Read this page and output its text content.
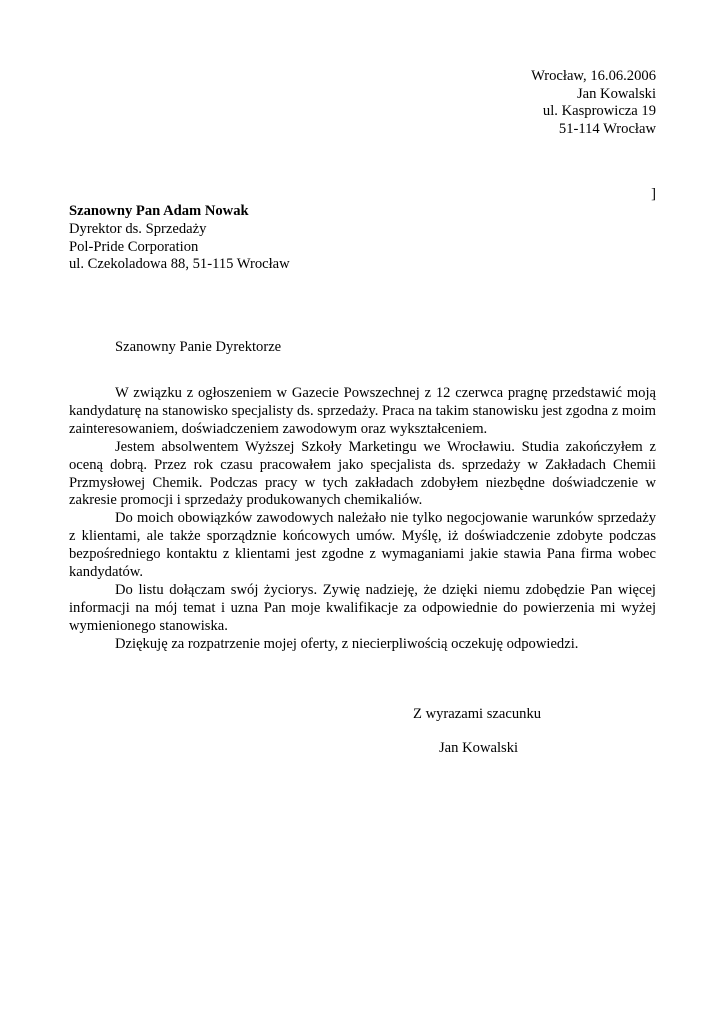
Wrocław, 16.06.2006
Jan Kowalski
ul. Kasprowicza 19
51-114 Wrocław
]
Szanowny Pan Adam Nowak
Dyrektor ds. Sprzedaży
Pol-Pride Corporation
ul. Czekoladowa 88, 51-115 Wrocław
Szanowny Panie Dyrektorze

W związku z ogłoszeniem w Gazecie Powszechnej z 12 czerwca pragnę przedstawić moją kandydaturę na stanowisko specjalisty ds. sprzedaży. Praca na takim stanowisku jest zgodna z moim zainteresowaniem, doświadczeniem zawodowym oraz wykształceniem.

Jestem absolwentem Wyższej Szkoły Marketingu we Wrocławiu. Studia zakończyłem z oceną dobrą. Przez rok czasu pracowałem jako specjalista ds. sprzedaży w Zakładach Chemii Przmysłowej Chemik. Podczas pracy w tych zakładach zdobyłem niezbędne doświadczenie w zakresie promocji i sprzedaży produkowanych chemikaliów.

Do moich obowiązków zawodowych należało nie tylko negocjowanie warunków sprzedaży z klientami, ale także sporządznie końcowych umów. Myślę, iż doświadczenie zdobyte podczas bezpośredniego kontaktu z klientami jest zgodne z wymaganiami jakie stawia Pana firma wobec kandydatów.

Do listu dołączam swój życiorys. Zywię nadzieję, że dzięki niemu zdobędzie Pan więcej informacji na mój temat i uzna Pan moje kwalifikacje za odpowiednie do powierzenia mi wyżej wymienionego stanowiska.

Dziękuję za rozpatrzenie mojej oferty, z niecierpliwością oczekuję odpowiedzi.

Z wyrazami szacunku
Jan Kowalski
